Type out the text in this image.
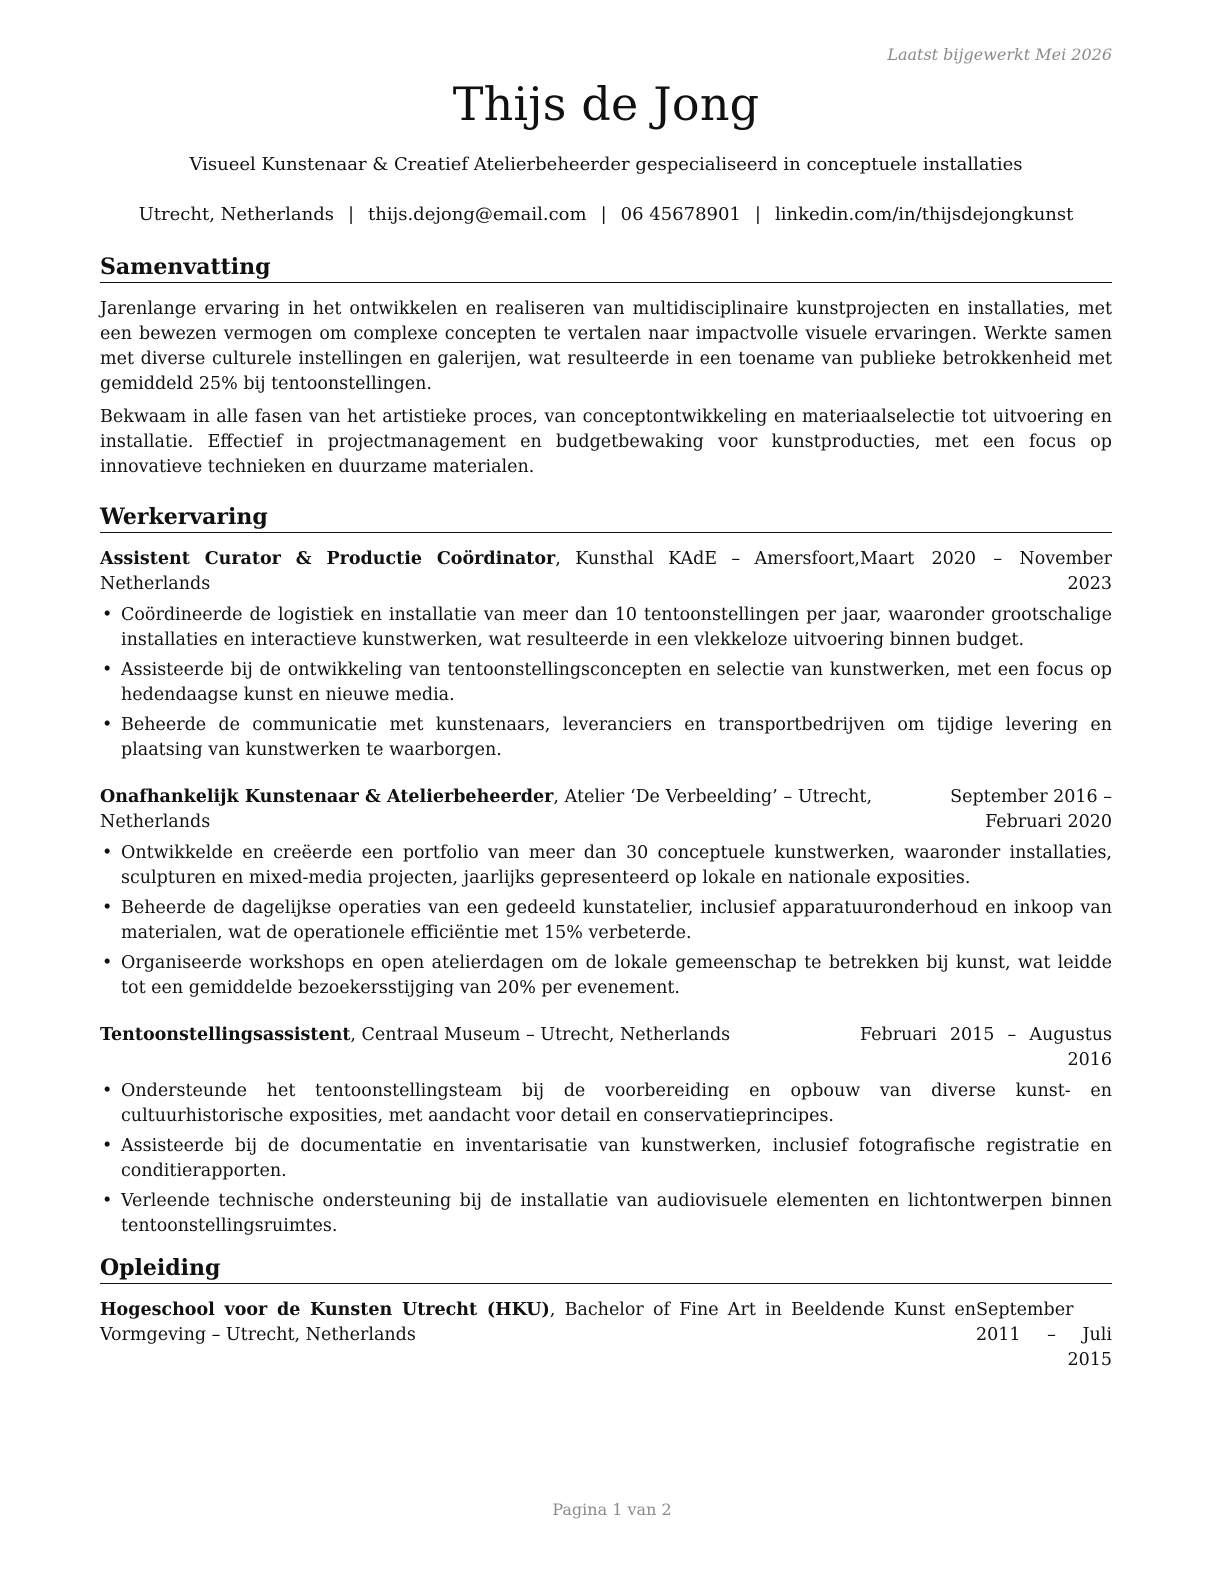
Laatst bijgewerkt Mei 2026
Thijs de Jong
Visueel Kunstenaar & Creatief Atelierbeheerder gespecialiseerd in conceptuele installaties
Utrecht, Netherlands | thijs.dejong@email.com | 06 45678901 | linkedin.com/in/thijsdejongkunst
Samenvatting

Jarenlange ervaring in het ontwikkelen en realiseren van multidisciplinaire kunstprojecten en installaties, met een bewezen vermogen om complexe concepten te vertalen naar impactvolle visuele ervaringen. Werkte samen met diverse culturele instellingen en galerijen, wat resulteerde in een toename van publieke betrokkenheid met gemiddeld 25% bij tentoonstellingen.

Bekwaam in alle fasen van het artistieke proces, van conceptontwikkeling en materiaalselectie tot uitvoering en installatie. Effectief in projectmanagement en budgetbewaking voor kunstproducties, met een focus op innovatieve technieken en duurzame materialen.

Werkervaring
Assistent Curator & Productie Coördinator, Kunsthal KAdE – Amersfoort, Netherlands
Maart 2020 – November 2023
• Coördineerde de logistiek en installatie van meer dan 10 tentoonstellingen per jaar, waaronder grootschalige installaties en interactieve kunstwerken, wat resulteerde in een vlekkeloze uitvoering binnen budget.
• Assisteerde bij de ontwikkeling van tentoonstellingsconcepten en selectie van kunstwerken, met een focus op hedendaagse kunst en nieuwe media.
• Beheerde de communicatie met kunstenaars, leveranciers en transportbedrijven om tijdige levering en plaatsing van kunstwerken te waarborgen.
Onafhankelijk Kunstenaar & Atelierbeheerder, Atelier ‘De Verbeelding’ – Utrecht, Netherlands
September 2016 – Februari 2020
• Ontwikkelde en creëerde een portfolio van meer dan 30 conceptuele kunstwerken, waaronder installaties, sculpturen en mixed-media projecten, jaarlijks gepresenteerd op lokale en nationale exposities.
• Beheerde de dagelijkse operaties van een gedeeld kunstatelier, inclusief apparatuuronderhoud en inkoop van materialen, wat de operationele efficiëntie met 15% verbeterde.
• Organiseerde workshops en open atelierdagen om de lokale gemeenschap te betrekken bij kunst, wat leidde tot een gemiddelde bezoekersstijging van 20% per evenement.
Tentoonstellingsassistent, Centraal Museum – Utrecht, Netherlands	Februari 2015 – Augustus 2016
• Ondersteunde het tentoonstellingsteam bij de voorbereiding en opbouw van diverse kunst- en cultuurhistorische exposities, met aandacht voor detail en conservatieprincipes.
• Assisteerde bij de documentatie en inventarisatie van kunstwerken, inclusief fotografische registratie en conditierapporten.
• Verleende technische ondersteuning bij de installatie van audiovisuele elementen en lichtontwerpen binnen tentoonstellingsruimtes.
Opleiding
Hogeschool voor de Kunsten Utrecht (HKU), Bachelor of Fine Art in Beeldende Kunst en Vormgeving – Utrecht, Netherlands
September 2011 – Juli 2015
Pagina 1 van 2
